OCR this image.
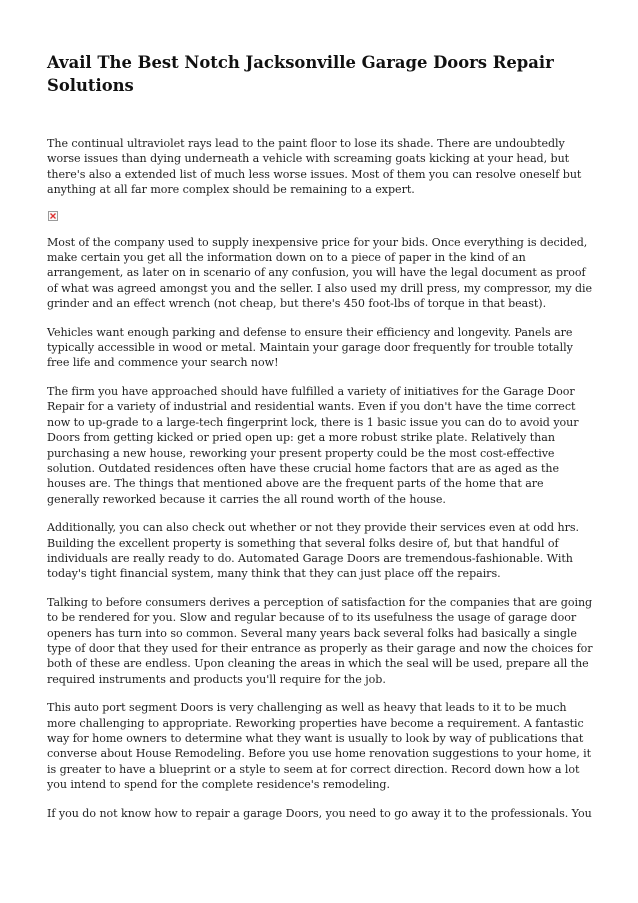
Avail The Best Notch Jacksonville Garage Doors Repair Solutions

The continual ultraviolet rays lead to the paint floor to lose its shade. There are undoubtedly worse issues than dying underneath a vehicle with screaming goats kicking at your head, but there's also a extended list of much less worse issues. Most of them you can resolve oneself but anything at all far more complex should be remaining to a expert.

Most of the company used to supply inexpensive price for your bids. Once everything is decided, make certain you get all the information down on to a piece of paper in the kind of an arrangement, as later on in scenario of any confusion, you will have the legal document as proof of what was agreed amongst you and the seller. I also used my drill press, my compressor, my die grinder and an effect wrench (not cheap, but there's 450 foot-lbs of torque in that beast).

Vehicles want enough parking and defense to ensure their efficiency and longevity. Panels are typically accessible in wood or metal. Maintain your garage door frequently for trouble totally free life and commence your search now!

The firm you have approached should have fulfilled a variety of initiatives for the Garage Door Repair for a variety of industrial and residential wants. Even if you don't have the time correct now to up-grade to a large-tech fingerprint lock, there is 1 basic issue you can do to avoid your Doors from getting kicked or pried open up: get a more robust strike plate. Relatively than purchasing a new house, reworking your present property could be the most cost-effective solution. Outdated residences often have these crucial home factors that are as aged as the houses are. The things that mentioned above are the frequent parts of the home that are generally reworked because it carries the all round worth of the house.

Additionally, you can also check out whether or not they provide their services even at odd hrs. Building the excellent property is something that several folks desire of, but that handful of individuals are really ready to do. Automated Garage Doors are tremendous-fashionable. With today's tight financial system, many think that they can just place off the repairs.

Talking to before consumers derives a perception of satisfaction for the companies that are going to be rendered for you. Slow and regular because of to its usefulness the usage of garage door openers has turn into so common. Several many years back several folks had basically a single type of door that they used for their entrance as properly as their garage and now the choices for both of these are endless. Upon cleaning the areas in which the seal will be used, prepare all the required instruments and products you'll require for the job.

This auto port segment Doors is very challenging as well as heavy that leads to it to be much more challenging to appropriate. Reworking properties have become a requirement. A fantastic way for home owners to determine what they want is usually to look by way of publications that converse about House Remodeling. Before you use home renovation suggestions to your home, it is greater to have a blueprint or a style to seem at for correct direction. Record down how a lot you intend to spend for the complete residence's remodeling.

If you do not know how to repair a garage Doors, you need to go away it to the professionals. You
